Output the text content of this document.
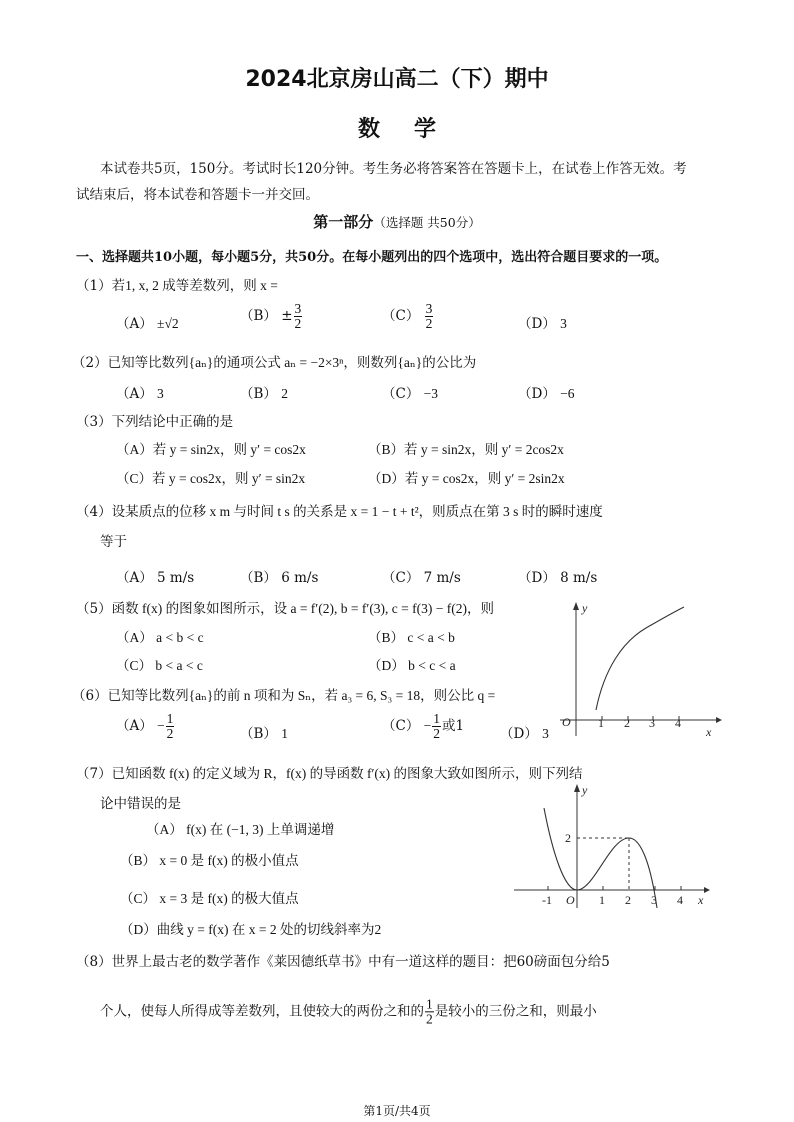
2024北京房山高二（下）期中
数学
本试卷共5页，150分。考试时长120分钟。考生务必将答案答在答题卡上，在试卷上作答无效。考
试结束后，将本试卷和答题卡一并交回。
第一部分（选择题 共50分）
一、选择题共10小题，每小题5分，共50分。在每小题列出的四个选项中，选出符合题目要求的一项。
（1）若1, x, 2 成等差数列，则 x =
（A） ±√2	$(B) \pm \frac{3}{2}$	$(C) \frac{3}{2}$	（D） 3
（2）已知等比数列{aₙ}的通项公式 aₙ = −2×3ⁿ，则数列{aₙ}的公比为
（A） 3	（B） 2	（C） −3	（D） −6
（3）下列结论中正确的是
（A）若 y = sin2x，则 y′ = cos2x	（B）若 y = sin2x，则 y′ = 2cos2x
（C）若 y = cos2x，则 y′ = sin2x	（D）若 y = cos2x，则 y′ = 2sin2x
（4）设某质点的位移 x m 与时间 t s 的关系是 x = 1 − t + t²，则质点在第 3 s 时的瞬时速度
等于
（A） 5 m/s	（B） 6 m/s	（C） 7 m/s	（D） 8 m/s
（5）函数 f(x) 的图象如图所示，设 a = f′(2), b = f′(3), c = f(3) − f(2)，则
（A） a < b < c	（B） c < a < b
（C） b < a < c	（D） b < c < a
y
x
O 1 2 3 4
（6）已知等比数列{aₙ}的前 n 项和为 Sₙ，若 a₃ = 6, S₃ = 18，则公比 q =
$(A) - \frac{1}{2}$	（B） 1	$(C) - \frac{1}{2}$ 或1	（D） 3
（7）已知函数 f(x) 的定义域为 R，f(x) 的导函数 f′(x) 的图象大致如图所示，则下列结
论中错误的是
（A） f(x) 在 (−1, 3) 上单调递增
（B） x = 0 是 f(x) 的极小值点
（C） x = 3 是 f(x) 的极大值点
（D）曲线 y = f(x) 在 x = 2 处的切线斜率为2
y
x
O
-1	1 2 3 4
2
（8）世界上最古老的数学著作《莱因德纸草书》中有一道这样的题目：把60磅面包分给5
个人，使每人所得成等差数列，且使较大的两份之和的 $\frac{1}{2}$ 是较小的三份之和，则最小
第1页/共4页
